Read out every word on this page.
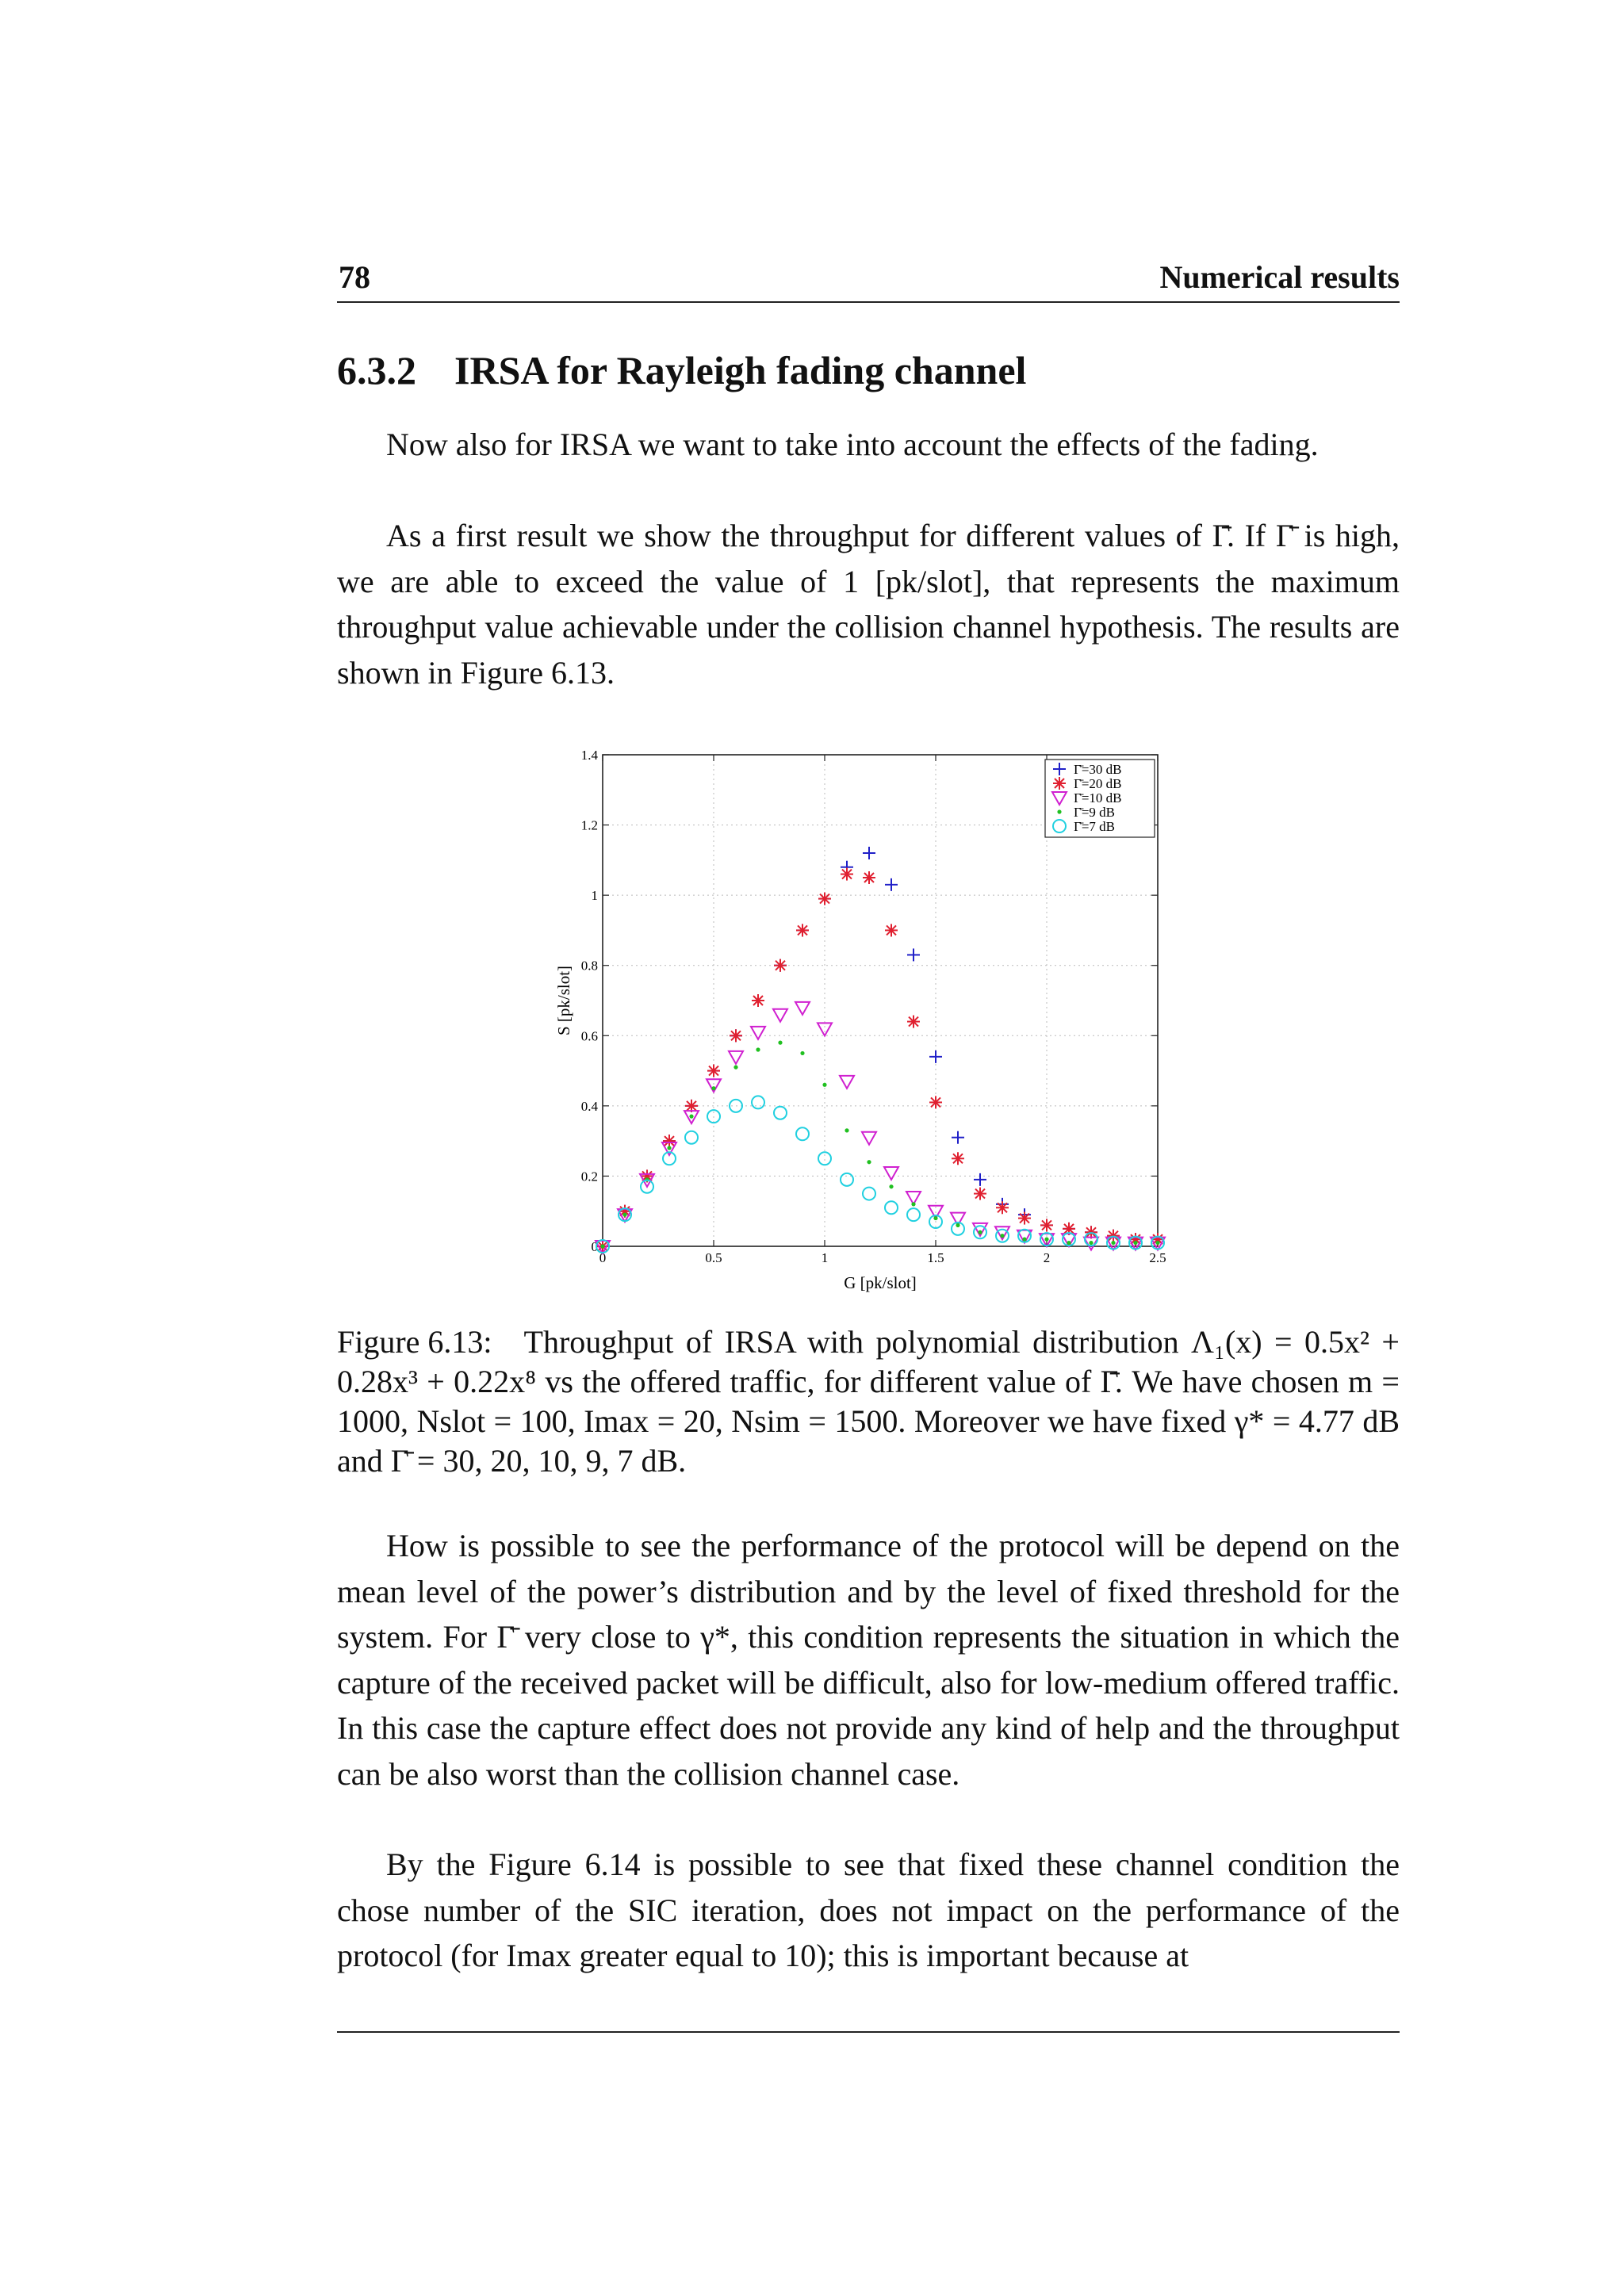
78	Numerical results
6.3.2 IRSA for Rayleigh fading channel

Now also for IRSA we want to take into account the effects of the fading.

As a first result we show the throughput for different values of Γ̄. If Γ̄ is high, we are able to exceed the value of 1 [pk/slot], that represents the maximum throughput value achievable under the collision channel hypothesis. The results are shown in Figure 6.13.

0	0.5	1	1.5	2	2.5
0
0.2
0.4
0.6
0.8
1
1.2
1.4
G [pk/slot]
S [pk/slot]
Γ̄=30 dB
Γ̄=20 dB
Γ̄=10 dB
Γ̄=9 dB
Γ̄=7 dB

Figure 6.13: Throughput of IRSA with polynomial distribution Λ₁(x) = 0.5x² + 0.28x³ + 0.22x⁸ vs the offered traffic, for different value of Γ̄. We have chosen m = 1000, Nslot = 100, Imax = 20, Nsim = 1500. Moreover we have fixed γ* = 4.77 dB and Γ̄ = 30, 20, 10, 9, 7 dB.

How is possible to see the performance of the protocol will be depend on the mean level of the power’s distribution and by the level of fixed threshold for the system. For Γ̄ very close to γ*, this condition represents the situation in which the capture of the received packet will be difficult, also for low-medium offered traffic. In this case the capture effect does not provide any kind of help and the throughput can be also worst than the collision channel case.

By the Figure 6.14 is possible to see that fixed these channel condition the chose number of the SIC iteration, does not impact on the performance of the protocol (for Imax greater equal to 10); this is important because at
